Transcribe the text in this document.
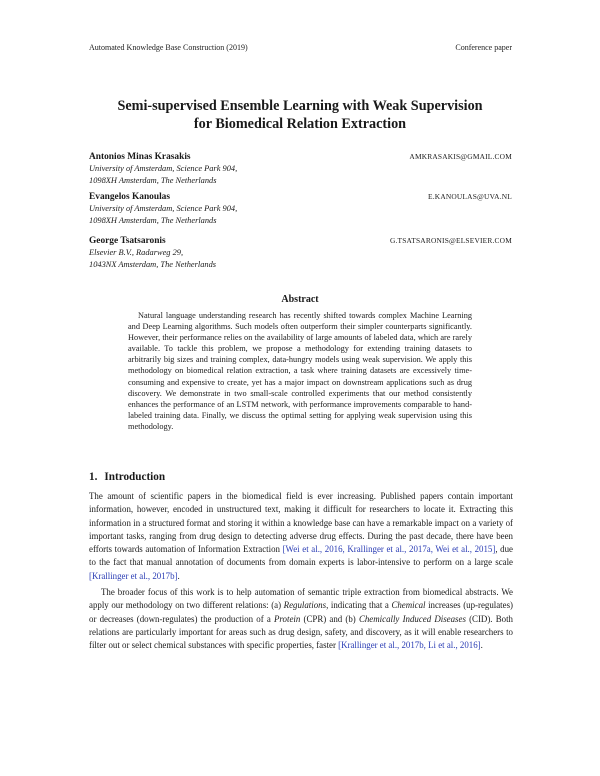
Automated Knowledge Base Construction (2019)	Conference paper
Semi-supervised Ensemble Learning with Weak Supervision
for Biomedical Relation Extraction
Antonios Minas Krasakis	AMKRASAKIS@GMAIL.COM
University of Amsterdam, Science Park 904,
1098XH Amsterdam, The Netherlands
Evangelos Kanoulas	E.KANOULAS@UVA.NL
University of Amsterdam, Science Park 904,
1098XH Amsterdam, The Netherlands
George Tsatsaronis	G.TSATSARONIS@ELSEVIER.COM
Elsevier B.V., Radarweg 29,
1043NX Amsterdam, The Netherlands
Abstract
Natural language understanding research has recently shifted towards complex Machine Learning and Deep Learning algorithms. Such models often outperform their simpler counterparts significantly. However, their performance relies on the availability of large amounts of labeled data, which are rarely available. To tackle this problem, we propose a methodology for extending training datasets to arbitrarily big sizes and training complex, data-hungry models using weak supervision. We apply this methodology on biomedical relation extraction, a task where training datasets are excessively time-consuming and expensive to create, yet has a major impact on downstream applications such as drug discovery. We demonstrate in two small-scale controlled experiments that our method consistently enhances the performance of an LSTM network, with performance improvements comparable to hand-labeled training data. Finally, we discuss the optimal setting for applying weak supervision using this methodology.
1. Introduction

The amount of scientific papers in the biomedical field is ever increasing. Published papers contain important information, however, encoded in unstructured text, making it difficult for researchers to locate it. Extracting this information in a structured format and storing it within a knowledge base can have a remarkable impact on a variety of important tasks, ranging from drug design to detecting adverse drug effects. During the past decade, there have been efforts towards automation of Information Extraction [Wei et al., 2016, Krallinger et al., 2017a, Wei et al., 2015], due to the fact that manual annotation of documents from domain experts is labor-intensive to perform on a large scale [Krallinger et al., 2017b].

The broader focus of this work is to help automation of semantic triple extraction from biomedical abstracts. We apply our methodology on two different relations: (a) Regulations, indicating that a Chemical increases (up-regulates) or decreases (down-regulates) the production of a Protein (CPR) and (b) Chemically Induced Diseases (CID). Both relations are particularly important for areas such as drug design, safety, and discovery, as it will enable researchers to filter out or select chemical substances with specific properties, faster [Krallinger et al., 2017b, Li et al., 2016].
